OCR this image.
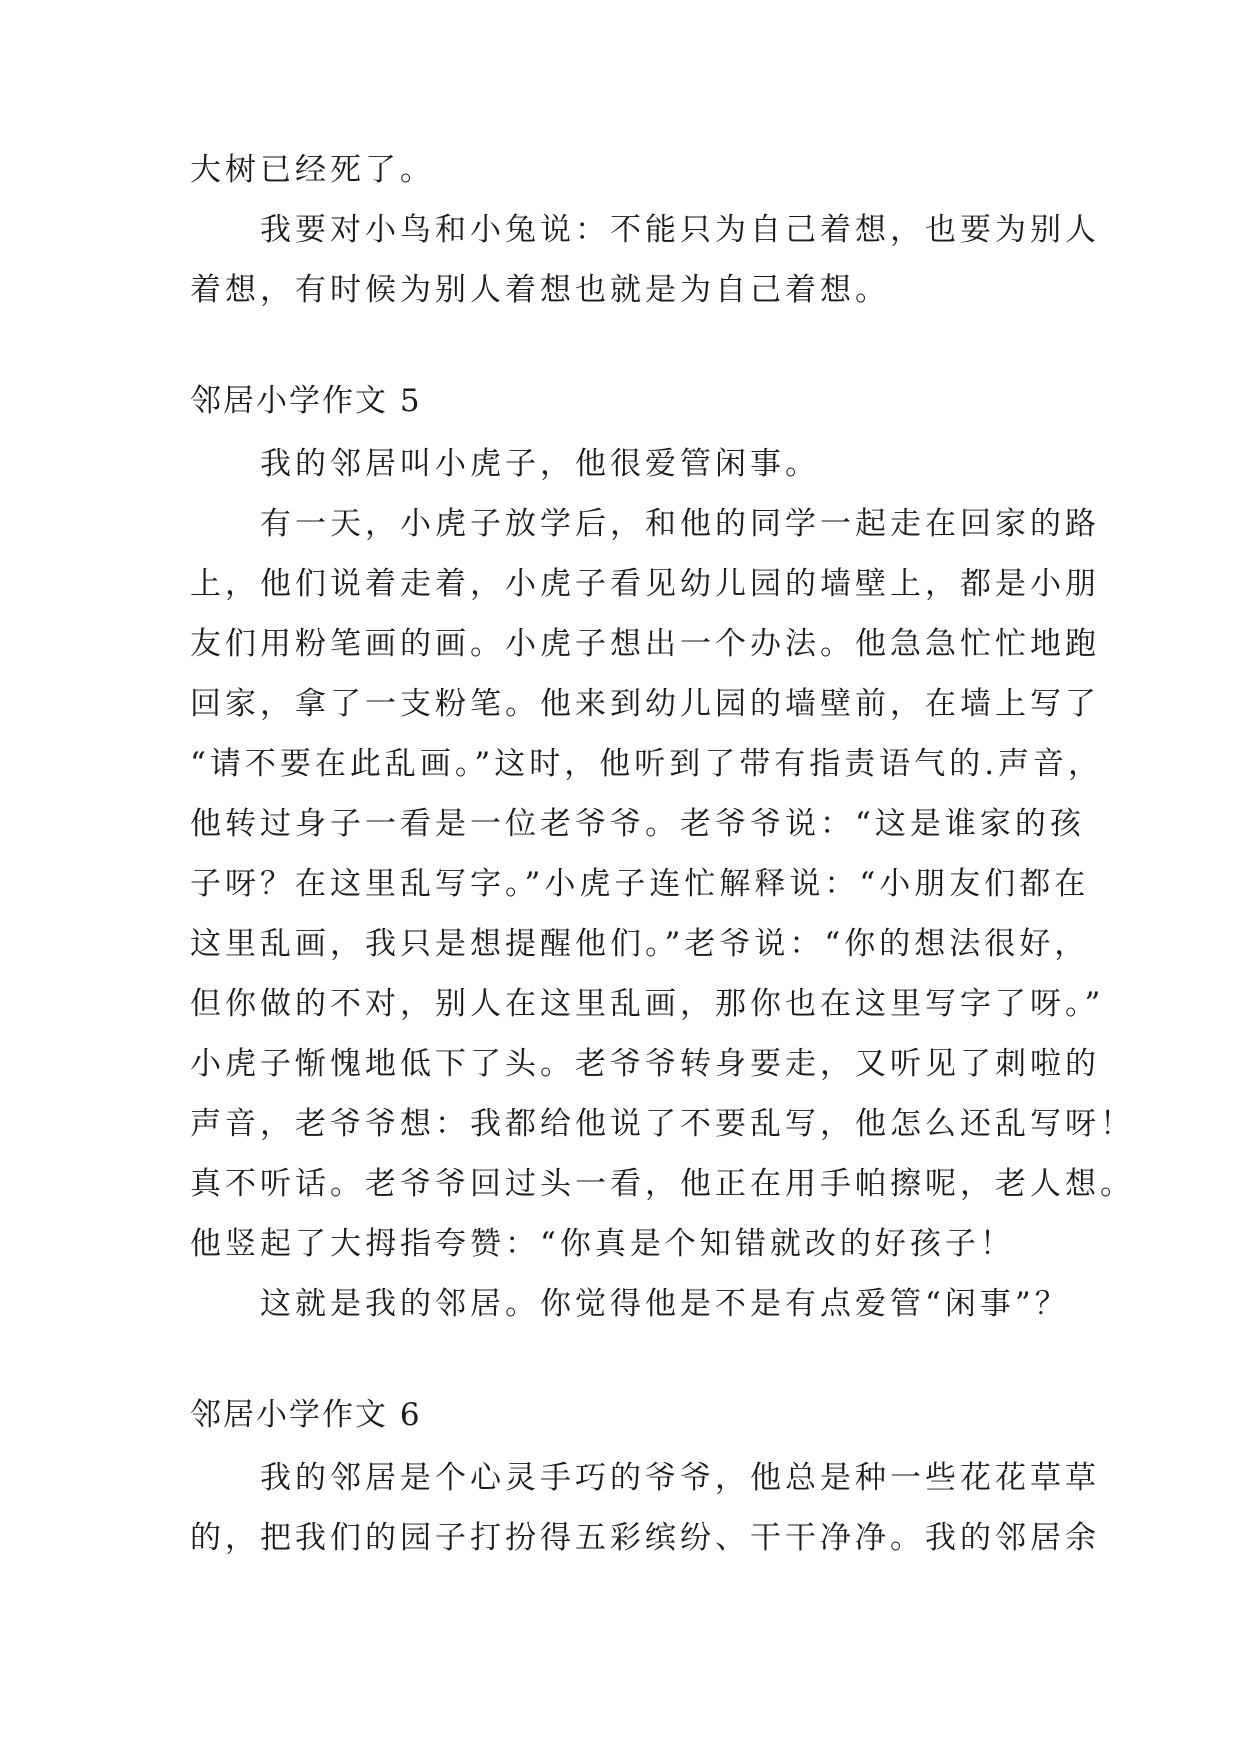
大树已经死了。
　　我要对小鸟和小兔说：不能只为自己着想，也要为别人
着想，有时候为别人着想也就是为自己着想。
邻居小学作文 5
　　我的邻居叫小虎子，他很爱管闲事。
　　有一天，小虎子放学后，和他的同学一起走在回家的路
上，他们说着走着，小虎子看见幼儿园的墙壁上，都是小朋
友们用粉笔画的画。小虎子想出一个办法。他急急忙忙地跑
回家，拿了一支粉笔。他来到幼儿园的墙壁前，在墙上写了
“请不要在此乱画。”这时，他听到了带有指责语气的.声音，
他转过身子一看是一位老爷爷。老爷爷说：“这是谁家的孩
子呀？在这里乱写字。”小虎子连忙解释说：“小朋友们都在
这里乱画，我只是想提醒他们。”老爷说：“你的想法很好，
但你做的不对，别人在这里乱画，那你也在这里写字了呀。”
小虎子惭愧地低下了头。老爷爷转身要走，又听见了刺啦的
声音，老爷爷想：我都给他说了不要乱写，他怎么还乱写呀！
真不听话。老爷爷回过头一看，他正在用手帕擦呢，老人想。
他竖起了大拇指夸赞：“你真是个知错就改的好孩子！
　　这就是我的邻居。你觉得他是不是有点爱管“闲事”？
邻居小学作文 6
　　我的邻居是个心灵手巧的爷爷，他总是种一些花花草草
的，把我们的园子打扮得五彩缤纷、干干净净。我的邻居余
